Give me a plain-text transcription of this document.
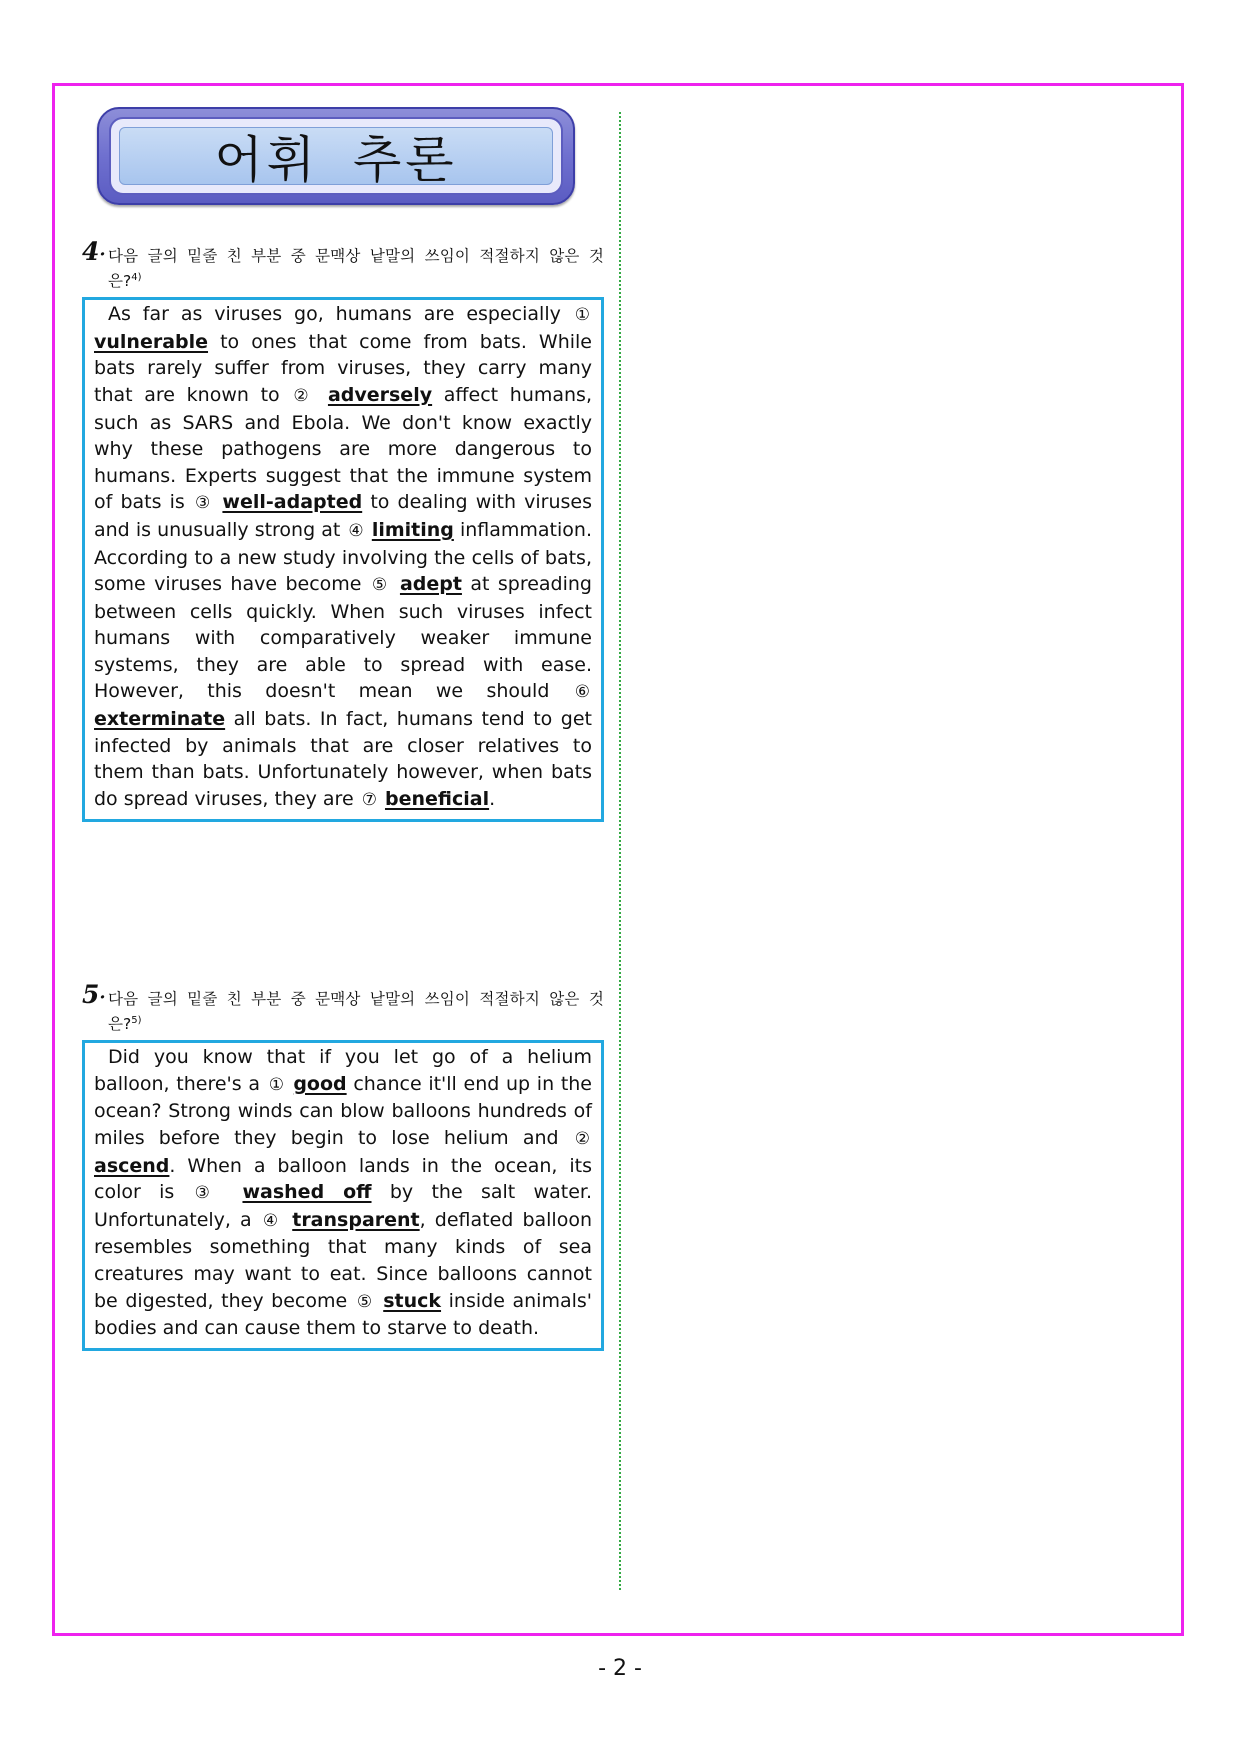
어휘 추론
4· 다음 글의 밑줄 친 부분 중 문맥상 낱말의 쓰임이 적절하지 않은 것
은?$^{4)}$
As far as viruses go, humans are especially ① vulnerable to ones that come from bats. While bats rarely suffer from viruses, they carry many that are known to ② adversely affect humans, such as SARS and Ebola. We don't know exactly why these pathogens are more dangerous to humans. Experts suggest that the immune system of bats is ③ well-adapted to dealing with viruses and is unusually strong at ④ limiting inflammation. According to a new study involving the cells of bats, some viruses have become ⑤ adept at spreading between cells quickly. When such viruses infect humans with comparatively weaker immune systems, they are able to spread with ease. However, this doesn't mean we should ⑥ exterminate all bats. In fact, humans tend to get infected by animals that are closer relatives to them than bats. Unfortunately however, when bats do spread viruses, they are ⑦ beneficial.
5· 다음 글의 밑줄 친 부분 중 문맥상 낱말의 쓰임이 적절하지 않은 것
은?$^{5)}$
Did you know that if you let go of a helium balloon, there's a ① good chance it'll end up in the ocean? Strong winds can blow balloons hundreds of miles before they begin to lose helium and ② ascend. When a balloon lands in the ocean, its color is ③ washed off by the salt water. Unfortunately, a ④ transparent, deflated balloon resembles something that many kinds of sea creatures may want to eat. Since balloons cannot be digested, they become ⑤ stuck inside animals' bodies and can cause them to starve to death.
- 2 -
